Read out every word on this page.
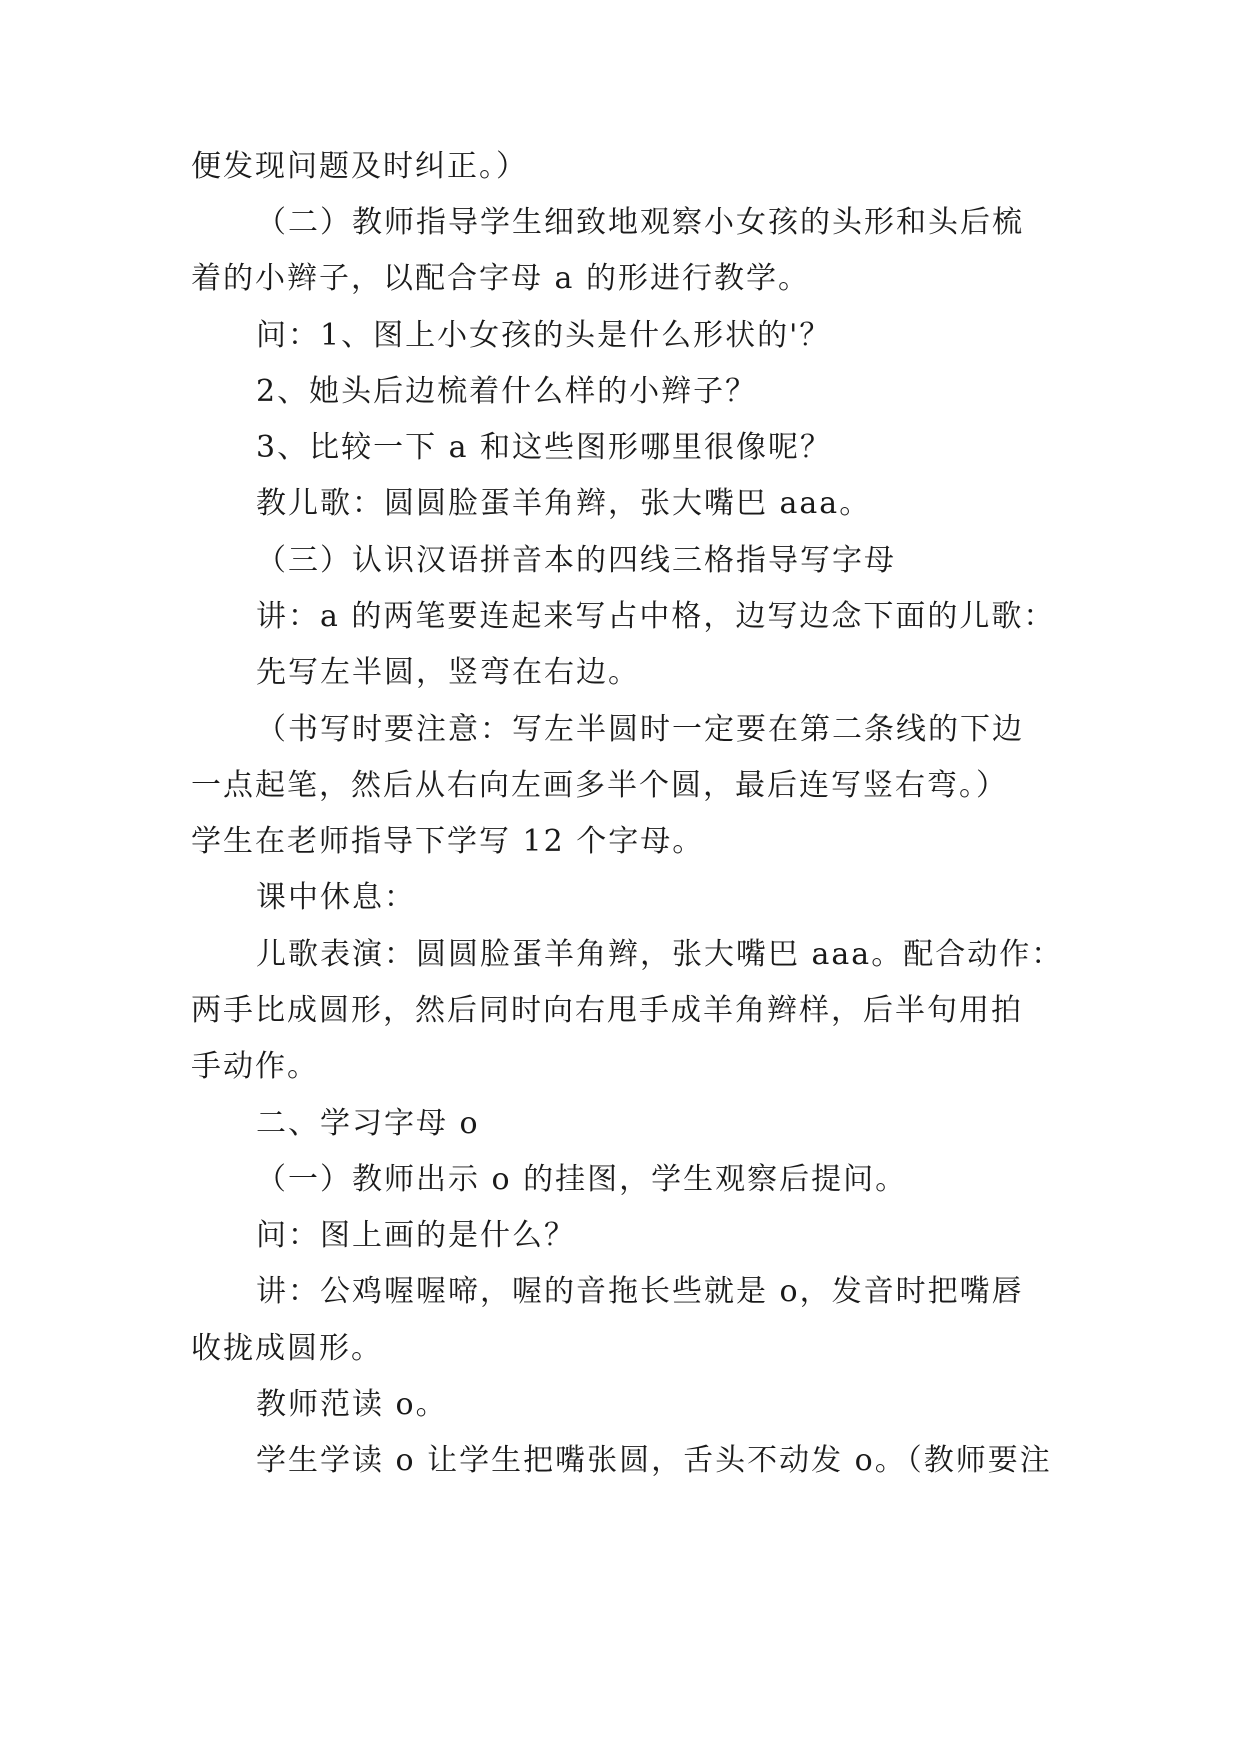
便发现问题及时纠正。）
（二）教师指导学生细致地观察小女孩的头形和头后梳
着的小辫子，以配合字母 a 的形进行教学。
问：1、图上小女孩的头是什么形状的'？
2、她头后边梳着什么样的小辫子？
3、比较一下 a 和这些图形哪里很像呢？
教儿歌：圆圆脸蛋羊角辫，张大嘴巴 aaa。
（三）认识汉语拼音本的四线三格指导写字母
讲：a 的两笔要连起来写占中格，边写边念下面的儿歌：
先写左半圆，竖弯在右边。
（书写时要注意：写左半圆时一定要在第二条线的下边
一点起笔，然后从右向左画多半个圆，最后连写竖右弯。）
学生在老师指导下学写 12 个字母。
课中休息：
儿歌表演：圆圆脸蛋羊角辫，张大嘴巴 aaa。配合动作：
两手比成圆形，然后同时向右甩手成羊角辫样，后半句用拍
手动作。
二、学习字母 o
（一）教师出示 o 的挂图，学生观察后提问。
问：图上画的是什么？
讲：公鸡喔喔啼，喔的音拖长些就是 o，发音时把嘴唇
收拢成圆形。
教师范读 o。
学生学读 o 让学生把嘴张圆，舌头不动发 o。（教师要注
